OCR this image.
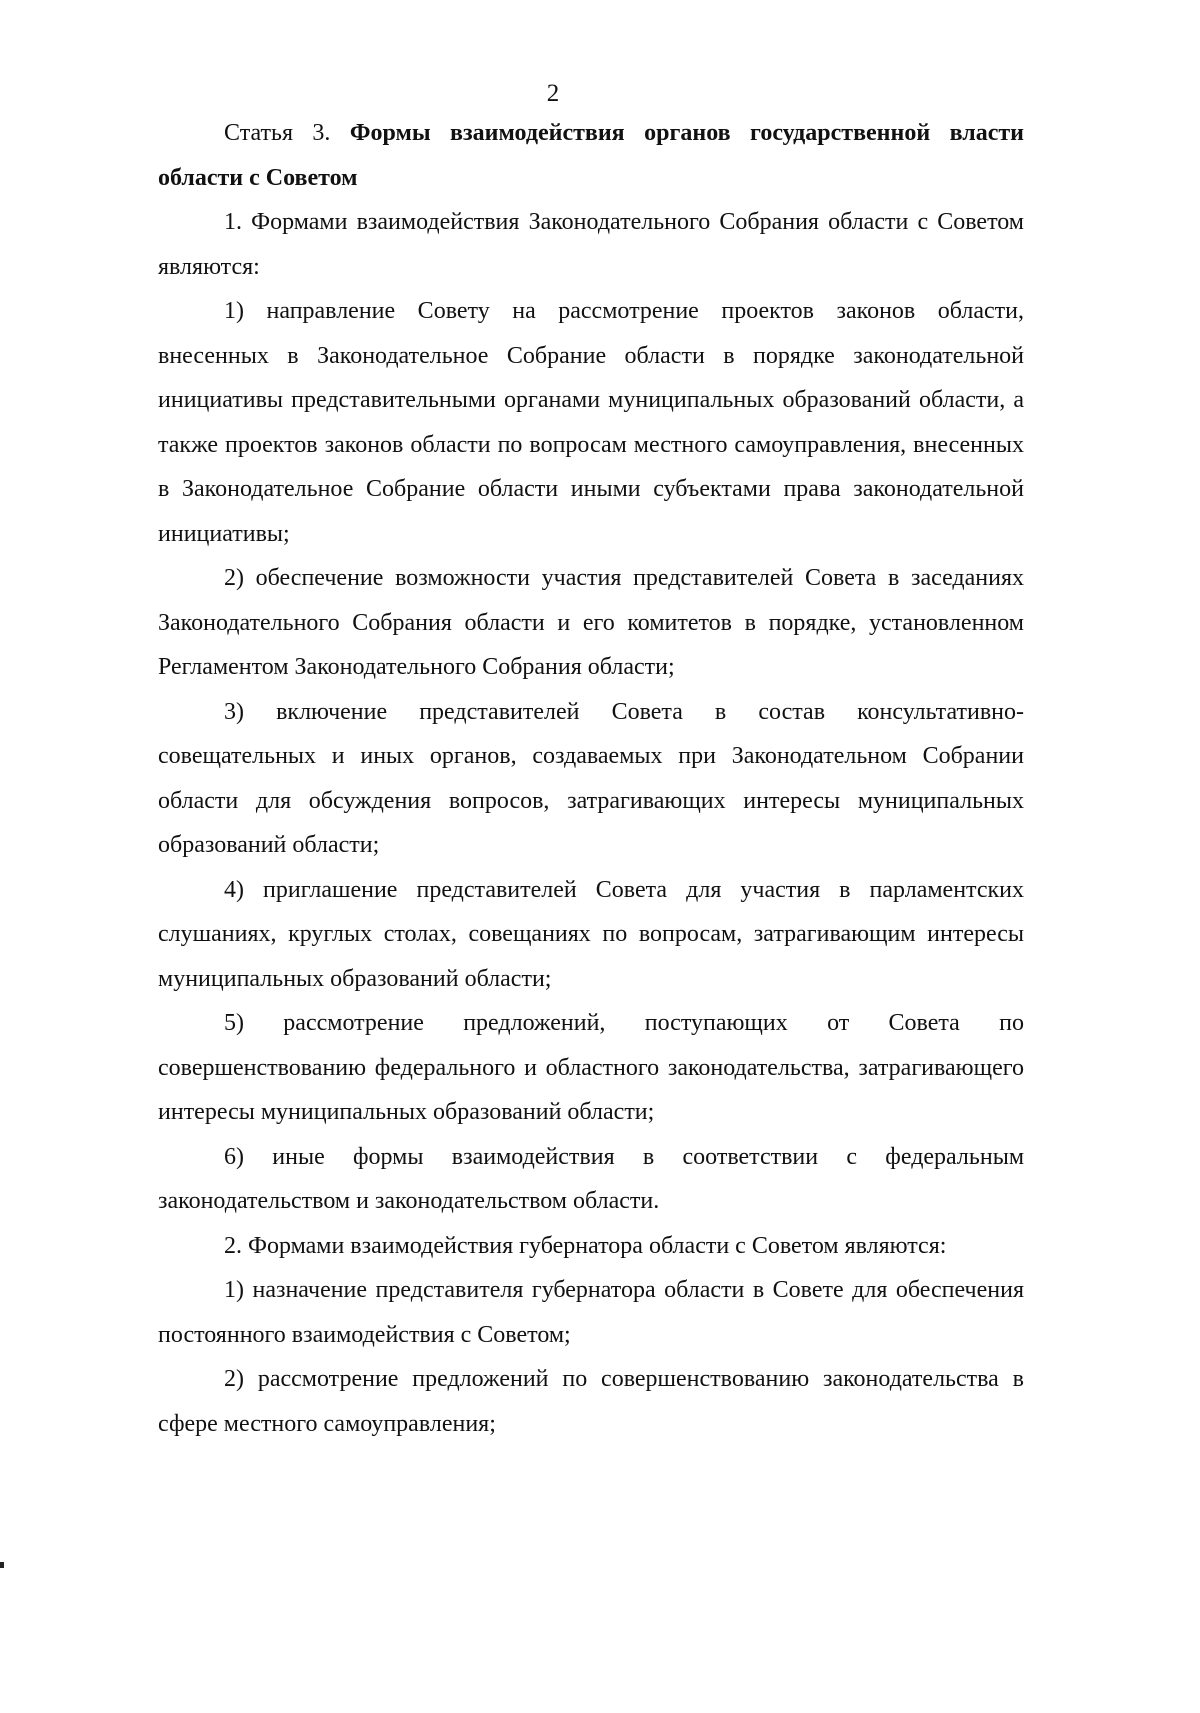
2

Статья 3. Формы взаимодействия органов государственной власти области с Советом

1. Формами взаимодействия Законодательного Собрания области с Советом являются:

1) направление Совету на рассмотрение проектов законов области, внесенных в Законодательное Собрание области в порядке законодательной инициативы представительными органами муниципальных образований области, а также проектов законов области по вопросам местного самоуправления, внесенных в Законодательное Собрание области иными субъектами права законодательной инициативы;

2) обеспечение возможности участия представителей Совета в заседаниях Законодательного Собрания области и его комитетов в порядке, установленном Регламентом Законодательного Собрания области;

3) включение представителей Совета в состав консультативно-совещательных и иных органов, создаваемых при Законодательном Собрании области для обсуждения вопросов, затрагивающих интересы муниципальных образований области;

4) приглашение представителей Совета для участия в парламентских слушаниях, круглых столах, совещаниях по вопросам, затрагивающим интересы муниципальных образований области;

5) рассмотрение предложений, поступающих от Совета по совершенствованию федерального и областного законодательства, затрагивающего интересы муниципальных образований области;

6) иные формы взаимодействия в соответствии с федеральным законодательством и законодательством области.

2. Формами взаимодействия губернатора области с Советом являются:

1) назначение представителя губернатора области в Совете для обеспечения постоянного взаимодействия с Советом;

2) рассмотрение предложений по совершенствованию законодательства в сфере местного самоуправления;
